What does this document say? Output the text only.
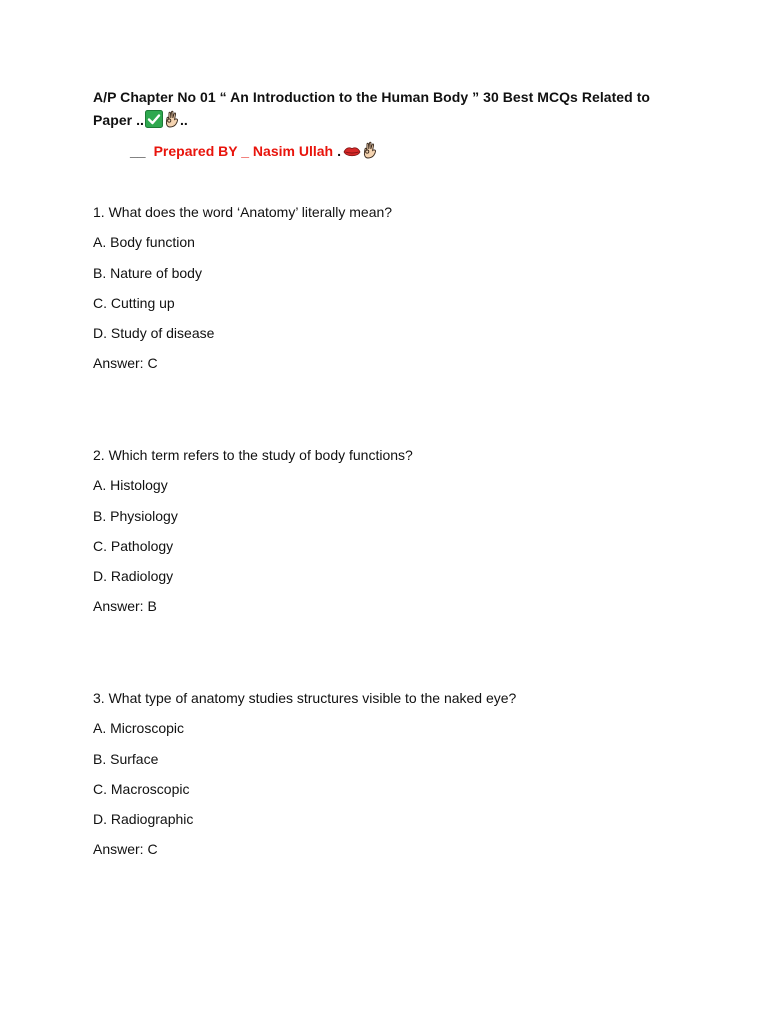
A/P Chapter No 01 “ An Introduction to the Human Body ” 30 Best MCQs Related to Paper ..	..
__ Prepared BY _ Nasim Ullah .
1. What does the word ‘Anatomy’ literally mean?
A. Body function
B. Nature of body
C. Cutting up
D. Study of disease
Answer: C
2. Which term refers to the study of body functions?
A. Histology
B. Physiology
C. Pathology
D. Radiology
Answer: B
3. What type of anatomy studies structures visible to the naked eye?
A. Microscopic
B. Surface
C. Macroscopic
D. Radiographic
Answer: C
